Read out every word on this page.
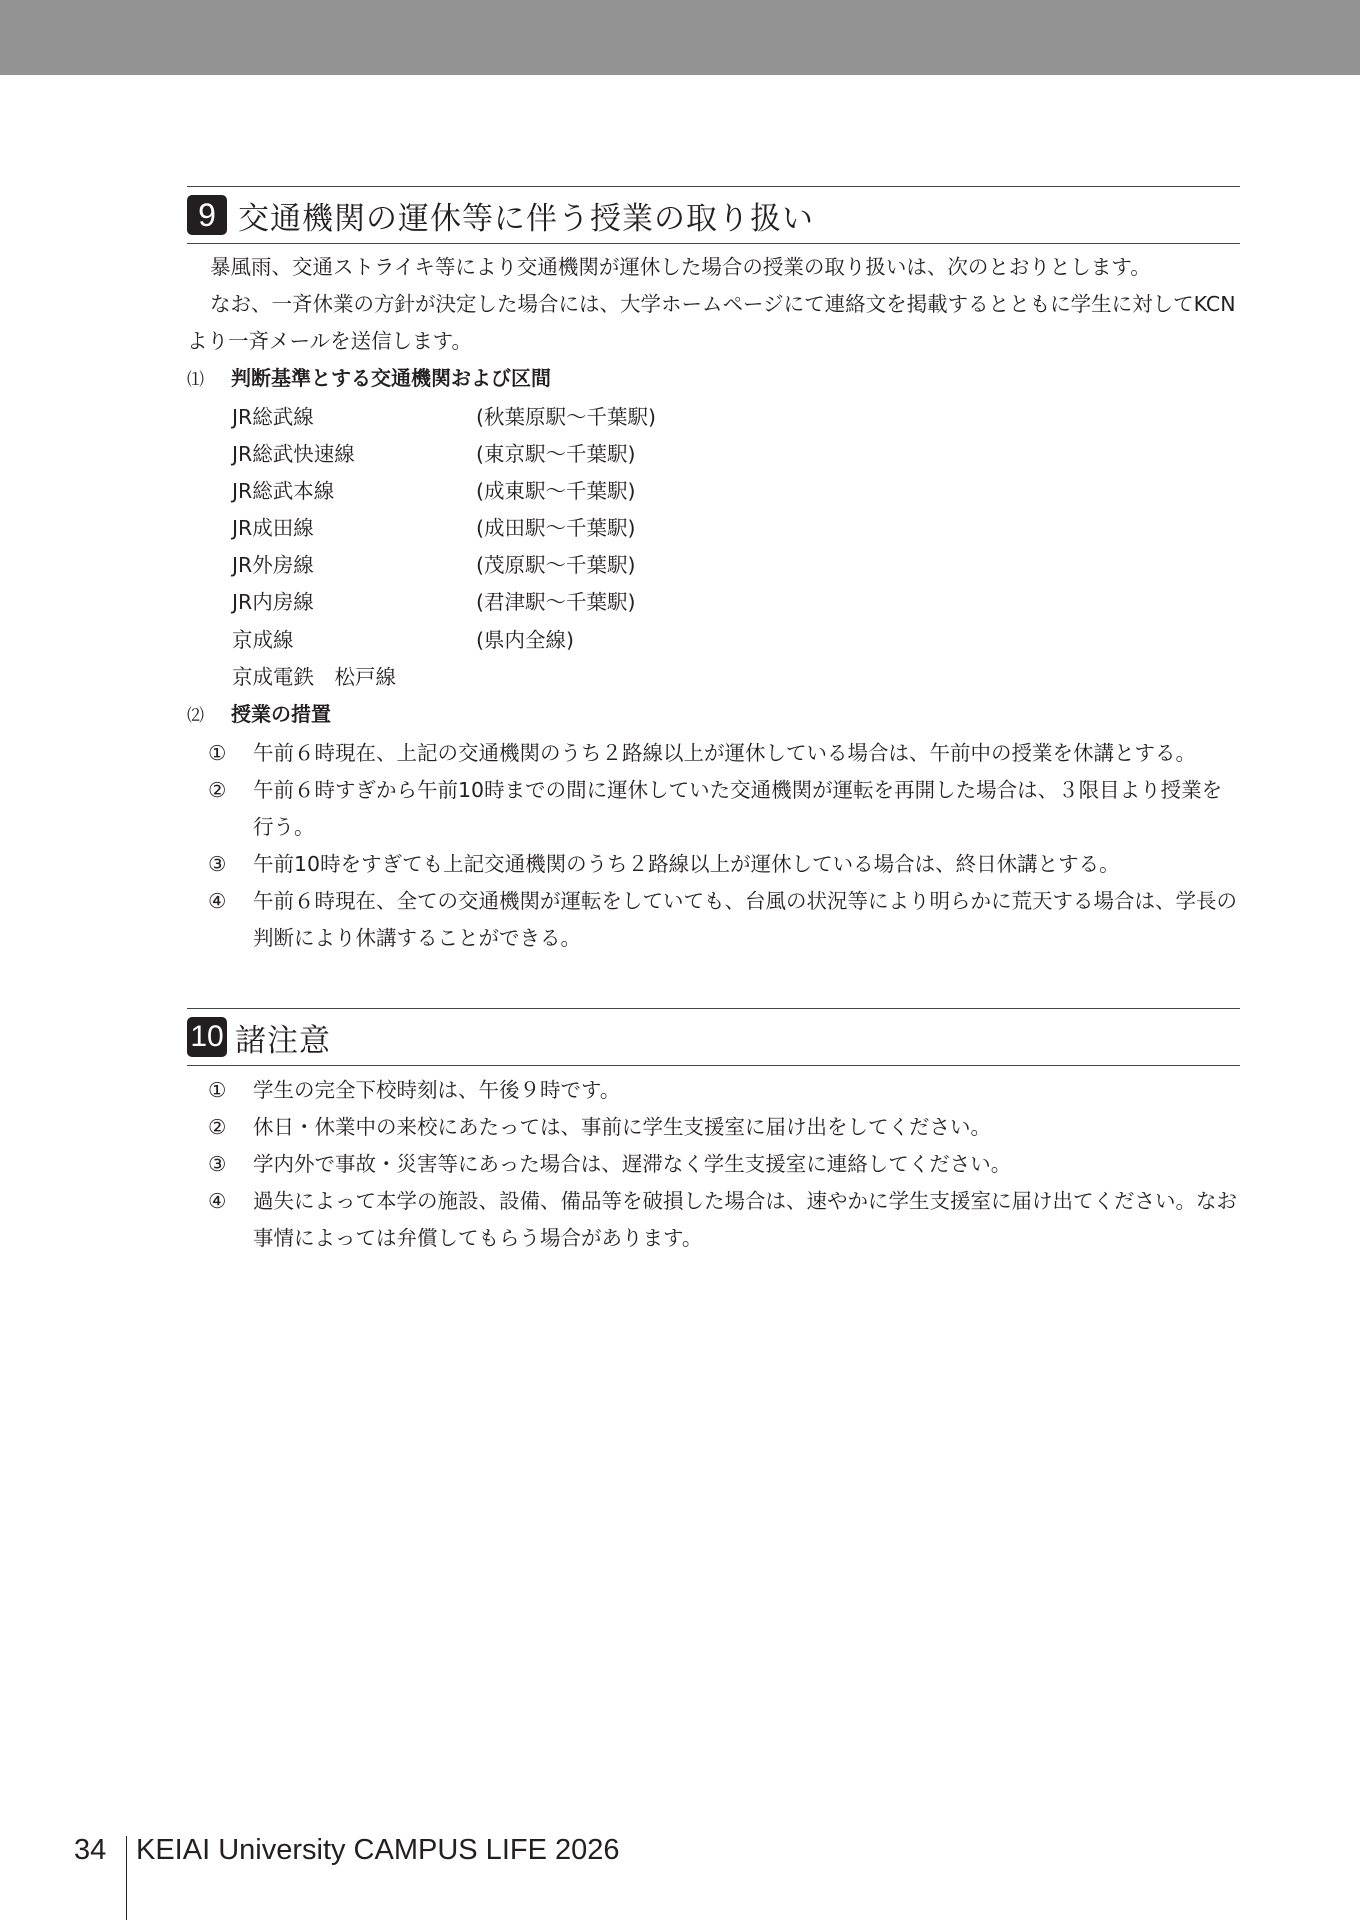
9 交通機関の運休等に伴う授業の取り扱い
暴風雨、交通ストライキ等により交通機関が運休した場合の授業の取り扱いは、次のとおりとします。
なお、一斉休業の方針が決定した場合には、大学ホームページにて連絡文を掲載するとともに学生に対してKCNより一斉メールを送信します。
⑴ 判断基準とする交通機関および区間
JR総武線	(秋葉原駅〜千葉駅)
JR総武快速線	(東京駅〜千葉駅)
JR総武本線	(成東駅〜千葉駅)
JR成田線	(成田駅〜千葉駅)
JR外房線	(茂原駅〜千葉駅)
JR内房線	(君津駅〜千葉駅)
京成線	(県内全線)
京成電鉄　松戸線
⑵ 授業の措置
①	午前６時現在、上記の交通機関のうち２路線以上が運休している場合は、午前中の授業を休講とする。
②	午前６時すぎから午前10時までの間に運休していた交通機関が運転を再開した場合は、３限目より授業を行う。
③	午前10時をすぎても上記交通機関のうち２路線以上が運休している場合は、終日休講とする。
④	午前６時現在、全ての交通機関が運転をしていても、台風の状況等により明らかに荒天する場合は、学長の判断により休講することができる。
10 諸注意
①	学生の完全下校時刻は、午後９時です。
②	休日・休業中の来校にあたっては、事前に学生支援室に届け出をしてください。
③	学内外で事故・災害等にあった場合は、遅滞なく学生支援室に連絡してください。
④	過失によって本学の施設、設備、備品等を破損した場合は、速やかに学生支援室に届け出てください。なお事情によっては弁償してもらう場合があります。
34 KEIAI University CAMPUS LIFE 2026
